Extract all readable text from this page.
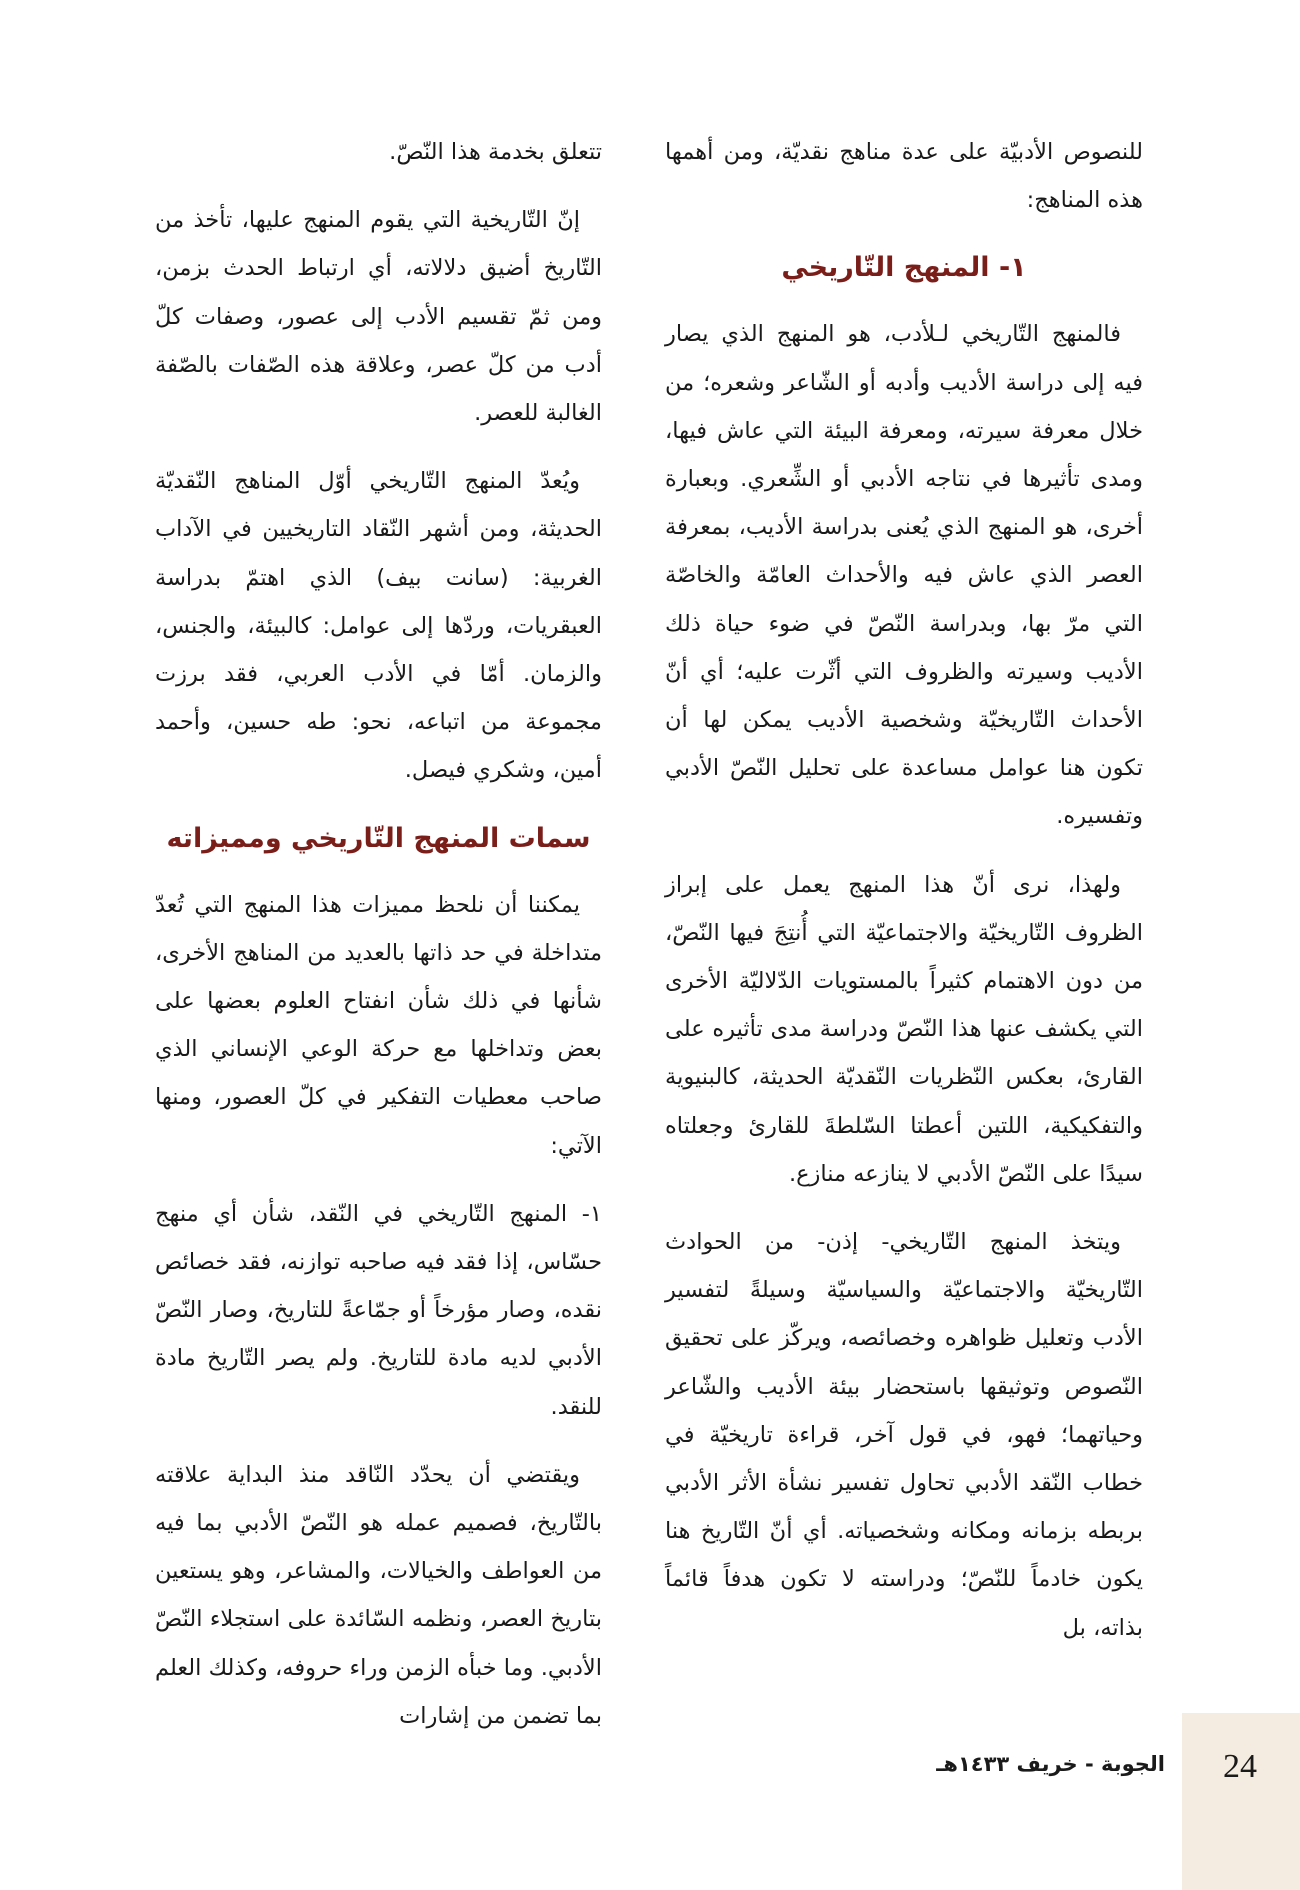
للنصوص الأدبيّة على عدة مناهج نقديّة، ومن أهمها هذه المناهج:

١- المنهج التّاريخي

فالمنهج التّاريخي لـلأدب، هو المنهج الذي يصار فيه إلى دراسة الأديب وأدبه أو الشّاعر وشعره؛ من خلال معرفة سيرته، ومعرفة البيئة التي عاش فيها، ومدى تأثيرها في نتاجه الأدبي أو الشِّعري. وبعبارة أخرى، هو المنهج الذي يُعنى بدراسة الأديب، بمعرفة العصر الذي عاش فيه والأحداث العامّة والخاصّة التي مرّ بها، وبدراسة النّصّ في ضوء حياة ذلك الأديب وسيرته والظروف التي أثّرت عليه؛ أي أنّ الأحداث التّاريخيّة وشخصية الأديب يمكن لها أن تكون هنا عوامل مساعدة على تحليل النّصّ الأدبي وتفسيره.

ولهذا، نرى أنّ هذا المنهج يعمل على إبراز الظروف التّاريخيّة والاجتماعيّة التي أُنتِجَ فيها النّصّ، من دون الاهتمام كثيراً بالمستويات الدّلاليّة الأخرى التي يكشف عنها هذا النّصّ ودراسة مدى تأثيره على القارئ، بعكس النّظريات النّقديّة الحديثة، كالبنيوية والتفكيكية، اللتين أعطتا السّلطةَ للقارئ وجعلتاه سيدًا على النّصّ الأدبي لا ينازعه منازع.

ويتخذ المنهج التّاريخي- إذن- من الحوادث التّاريخيّة والاجتماعيّة والسياسيّة وسيلةً لتفسير الأدب وتعليل ظواهره وخصائصه، ويركّز على تحقيق النّصوص وتوثيقها باستحضار بيئة الأديب والشّاعر وحياتهما؛ فهو، في قول آخر، قراءة تاريخيّة في خطاب النّقد الأدبي تحاول تفسير نشأة الأثر الأدبي بربطه بزمانه ومكانه وشخصياته. أي أنّ التّاريخ هنا يكون خادماً للنّصّ؛ ودراسته لا تكون هدفاً قائماً بذاته، بل

تتعلق بخدمة هذا النّصّ.

إنّ التّاريخية التي يقوم المنهج عليها، تأخذ من التّاريخ أضيق دلالاته، أي ارتباط الحدث بزمن، ومن ثمّ تقسيم الأدب إلى عصور، وصفات كلّ أدب من كلّ عصر، وعلاقة هذه الصّفات بالصّفة الغالبة للعصر.

ويُعدّ المنهج التّاريخي أوّل المناهج النّقديّة الحديثة، ومن أشهر النّقاد التاريخيين في الآداب الغربية: (سانت بيف) الذي اهتمّ بدراسة العبقريات، وردّها إلى عوامل: كالبيئة، والجنس، والزمان. أمّا في الأدب العربي، فقد برزت مجموعة من اتباعه، نحو: طه حسين، وأحمد أمين، وشكري فيصل.

سمات المنهج التّاريخي ومميزاته

يمكننا أن نلحظ مميزات هذا المنهج التي تُعدّ متداخلة في حد ذاتها بالعديد من المناهج الأخرى، شأنها في ذلك شأن انفتاح العلوم بعضها على بعض وتداخلها مع حركة الوعي الإنساني الذي صاحب معطيات التفكير في كلّ العصور، ومنها الآتي:

١- المنهج التّاريخي في النّقد، شأن أي منهج حسّاس، إذا فقد فيه صاحبه توازنه، فقد خصائص نقده، وصار مؤرخاً أو جمّاعةً للتاريخ، وصار النّصّ الأدبي لديه مادة للتاريخ. ولم يصر التّاريخ مادة للنقد.

ويقتضي أن يحدّد النّاقد منذ البداية علاقته بالتّاريخ، فصميم عمله هو النّصّ الأدبي بما فيه من العواطف والخيالات، والمشاعر، وهو يستعين بتاريخ العصر، ونظمه السّائدة على استجلاء النّصّ الأدبي. وما خبأه الزمن وراء حروفه، وكذلك العلم بما تضمن من إشارات

24
الجوبة - خريف ١٤٣٣هـ
